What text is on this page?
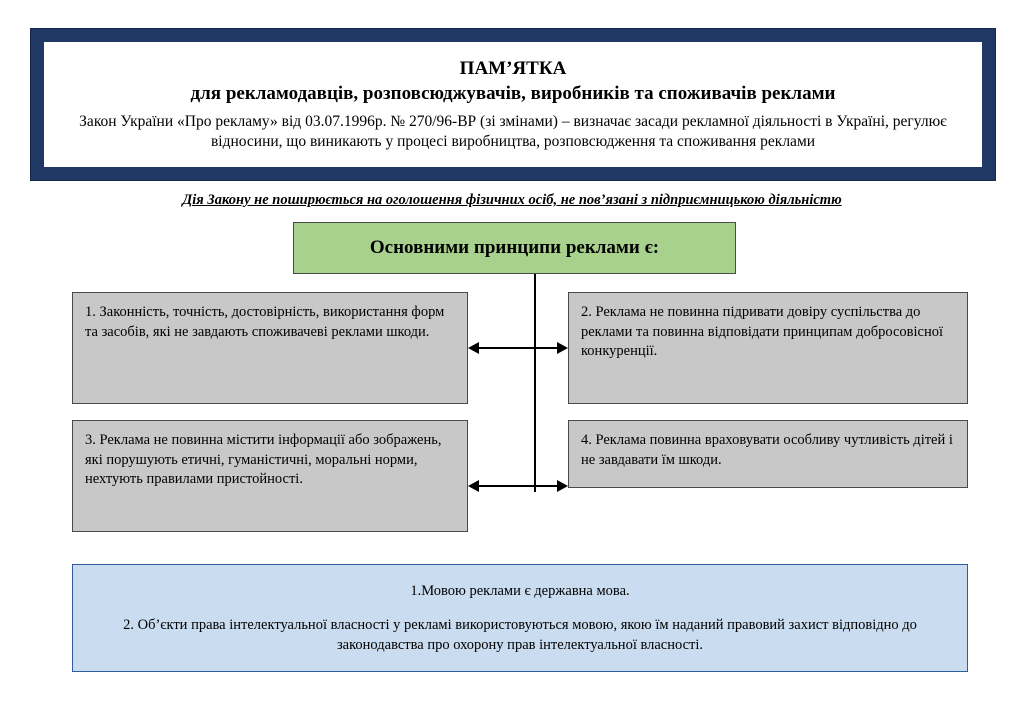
ПАМ’ЯТКА
для рекламодавців, розповсюджувачів, виробників та споживачів реклами
Закон України «Про рекламу» від 03.07.1996р. № 270/96-ВР (зі змінами) – визначає засади рекламної діяльності в Україні, регулює відносини, що виникають у процесі виробництва, розповсюдження та споживання реклами
Дія Закону не поширюється на оголошення фізичних осіб, не пов’язані з підприємницькою діяльністю
Основними принципи реклами є:
1. Законність, точність, достовірність, використання форм та засобів, які не завдають споживачеві реклами шкоди.
2. Реклама не повинна підривати довіру суспільства до реклами та повинна відповідати принципам добросовісної конкуренції.
3. Реклама не повинна містити інформації або зображень, які порушують етичні, гуманістичні, моральні норми, нехтують правилами пристойності.
4. Реклама повинна враховувати особливу чутливість дітей і не завдавати їм шкоди.
1.Мовою реклами є державна мова.
2. Об’єкти права інтелектуальної власності у рекламі використовуються мовою, якою їм наданий правовий захист відповідно до законодавства про охорону прав інтелектуальної власності.
